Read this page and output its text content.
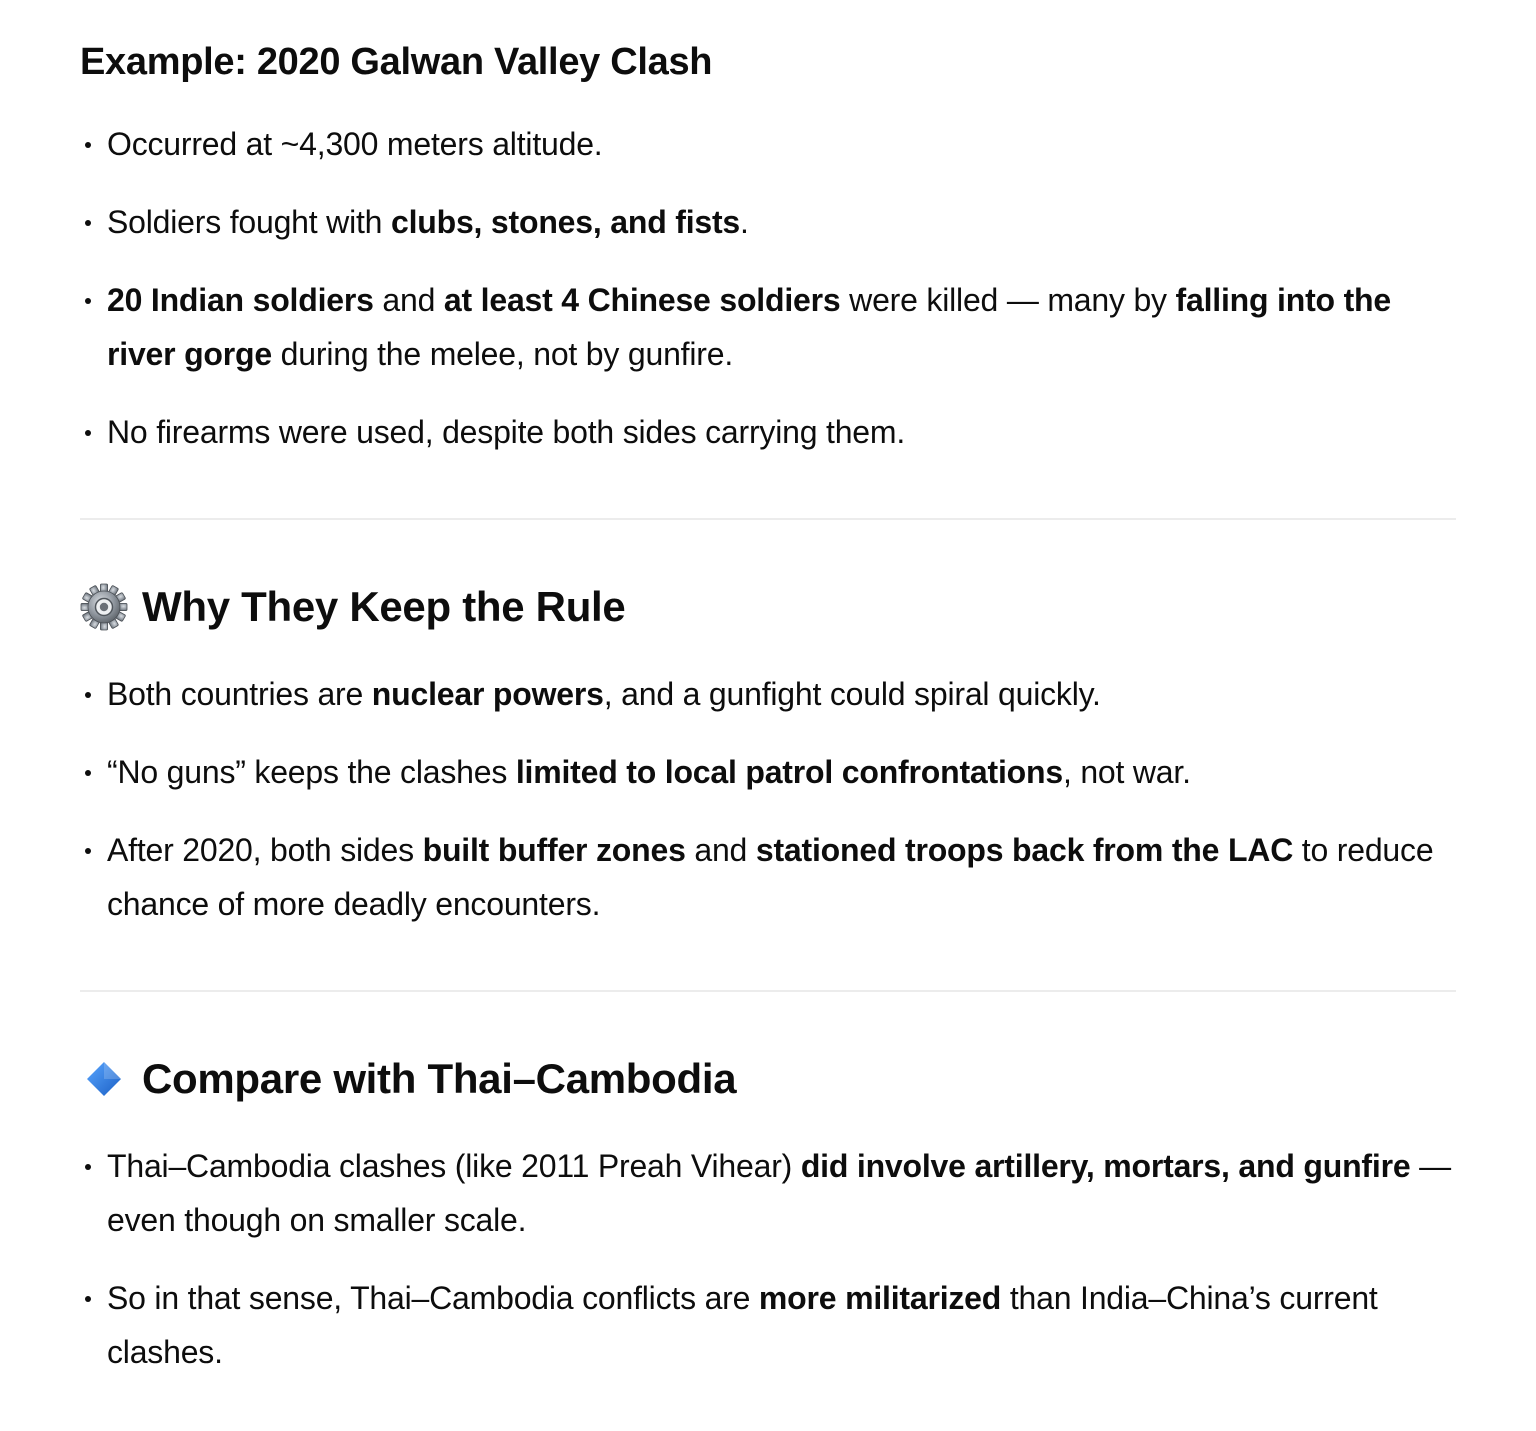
Example: 2020 Galwan Valley Clash
Occurred at ~4,300 meters altitude.
Soldiers fought with clubs, stones, and fists.
20 Indian soldiers and at least 4 Chinese soldiers were killed — many by falling into the river gorge during the melee, not by gunfire.
No firearms were used, despite both sides carrying them.
Why They Keep the Rule
Both countries are nuclear powers, and a gunfight could spiral quickly.
“No guns” keeps the clashes limited to local patrol confrontations, not war.
After 2020, both sides built buffer zones and stationed troops back from the LAC to reduce chance of more deadly encounters.
Compare with Thai–Cambodia
Thai–Cambodia clashes (like 2011 Preah Vihear) did involve artillery, mortars, and gunfire — even though on smaller scale.
So in that sense, Thai–Cambodia conflicts are more militarized than India–China’s current clashes.
